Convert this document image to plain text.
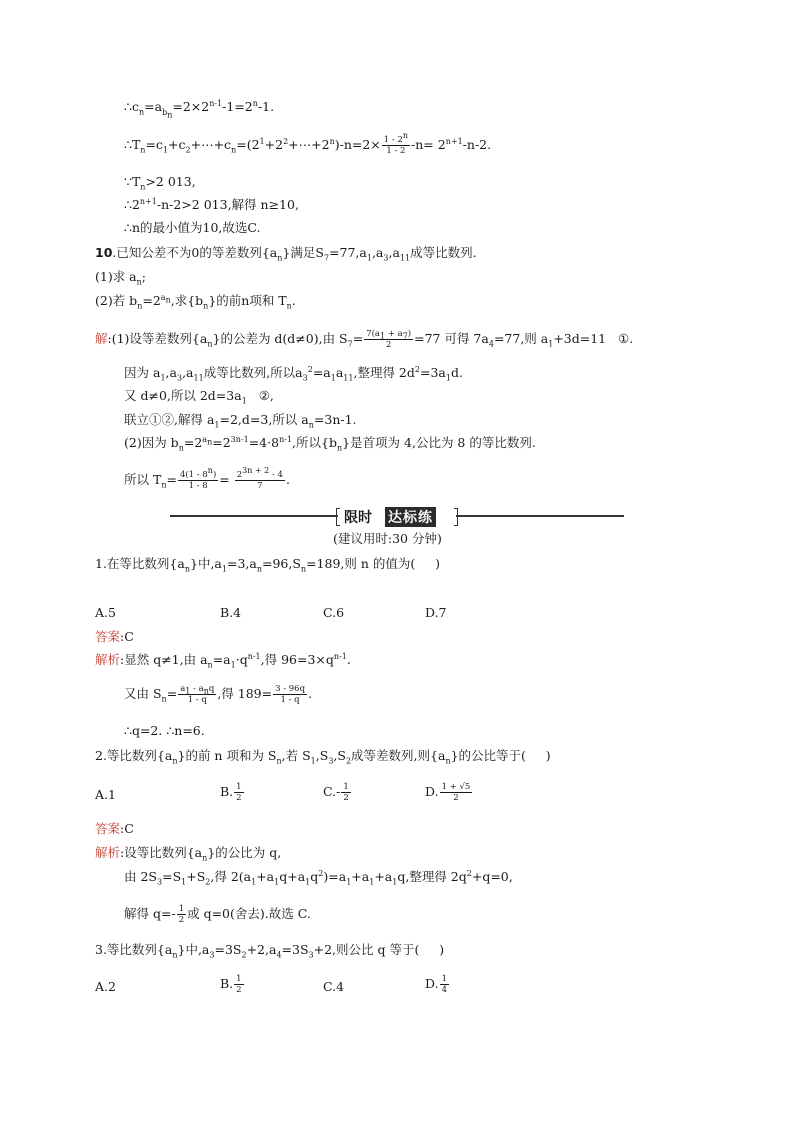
$\therefore c_n=a_{b_n}=2\times 2^{n-1}-1=2^n-1$.
$\therefore T_n=c_1+c_2+\cdots+c_n=(2^1+2^2+\cdots+2^n)-n=2\times \frac{1 - 2^n}{1 - 2} -n= 2^{n+1}-n-2$.
$\because T_n>2$ 013,
$\therefore 2^{n+1}-n-2>2$ 013,解得 n≥10,
∴n的最小值为10,故选C.
10.已知公差不为0的等差数列$\{a_n\}$满足$S_7=77,a_1,a_3,a_{11}$成等比数列.
(1)求 $a_n$;
(2)若 $b_n=2^{a_n}$,求$\{b_n\}$的前n项和 $T_n$.
解:(1)设等差数列$\{a_n\}$的公差为 d(d≠0),由 $S_7= \frac{7(a_1 + a_7)}{2} =77$ 可得 $7a_4=77$,则 $a_1+3d=11$   ①.
因为 $a_1,a_3,a_{11}$成等比数列,所以$a_3^2=a_1a_{11}$,整理得 $2d^2=3a_1d$.
又 d≠0,所以 $2d=3a_1$   ②,
联立①②,解得 $a_1=2,d=3$,所以 $a_n=3n-1$.
(2)因为 $b_n=2^{a_n}=2^{3n-1}=4\cdot 8^{n-1}$,所以$\{b_n\}$是首项为 4,公比为 8 的等比数列.
所以 $T_n= \frac{4(1 - 8^n)}{1 - 8} = \frac{2^{3n + 2} - 4}{7}$ .
限时 达标练
(建议用时:30 分钟)
1.在等比数列$\{a_n\}$中$,a_1=3,a_n=96,S_n=189$,则 n 的值为(     )
A.5	B.4	C.6	D.7
答案:C
解析:显然 q≠1,由 $a_n=a_1\cdot q^{n-1}$,得 $96=3\times q^{n-1}$.
又由 $S_n= \frac{a_1 - a_nq}{1 - q}$ ,得 $189= \frac{3 - 96q}{1 - q}$ .
∴q=2. ∴n=6.
2.等比数列$\{a_n\}$的前 n 项和为 $S_n$,若 $S_1,S_3,S_2$成等差数列,则$\{a_n\}$的公比等于(     )
A.1	B. $\frac{1}{2}$	$C.- \frac{1}{2}$	D. $\frac{1 + √5}{2}$
答案:C
解析:设等比数列$\{a_n\}$的公比为 q,
由 $2S_3=S_1+S_2$,得 $2(a_1+a_1q+a_1q^2)=a_1+a_1+a_1q$,整理得 $2q^2+q=0$,
解得 $q=- \frac{1}{2}$ 或 q=0(舍去).故选 C.
3.等比数列$\{a_n\}$中$,a_3=3S_2+2,a_4=3S_3+2$,则公比 q 等于(     )
A.2	B. $\frac{1}{2}$	C.4	D. $\frac{1}{4}$
